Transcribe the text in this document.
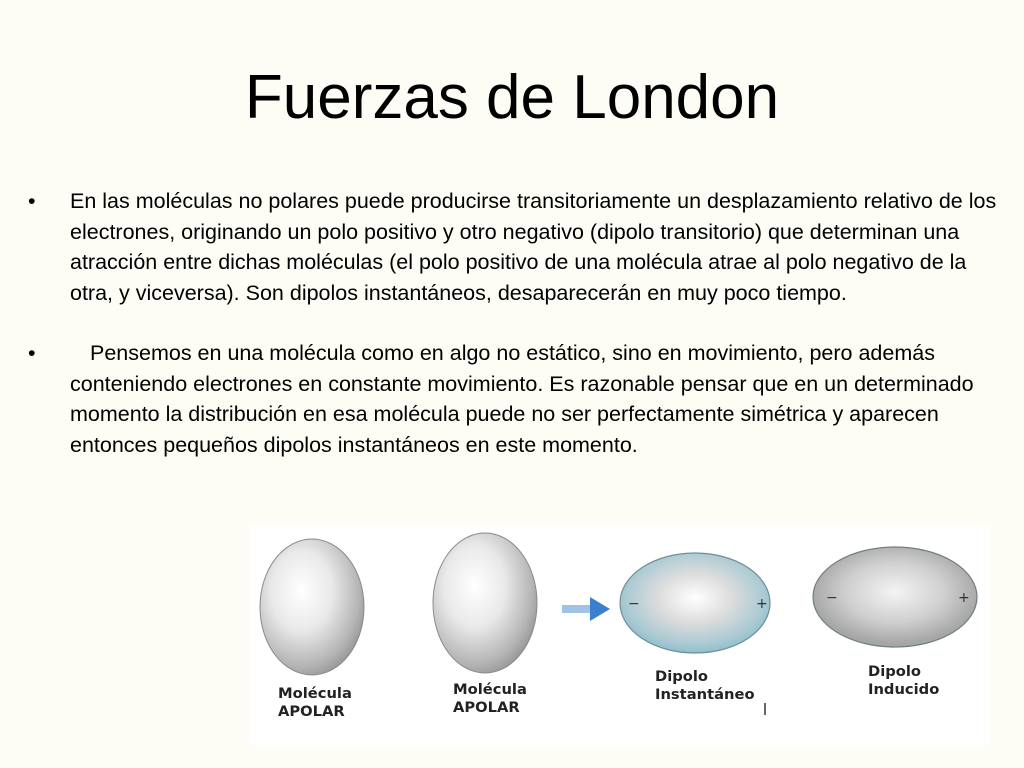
Fuerzas de London
• En las moléculas no polares puede producirse transitoriamente un desplazamiento relativo de los electrones, originando un polo positivo y otro negativo (dipolo transitorio) que determinan una atracción entre dichas moléculas (el polo positivo de una molécula atrae al polo negativo de la otra, y viceversa). Son dipolos instantáneos, desaparecerán en muy poco tiempo.
•	Pensemos en una molécula como en algo no estático, sino en movimiento, pero además conteniendo electrones en constante movimiento. Es razonable pensar que en un determinado momento la distribución en esa molécula puede no ser perfectamente simétrica y aparecen entonces pequeños dipolos instantáneos en este momento.
−	+	−	+
Molécula
APOLAR
Molécula
APOLAR
Dipolo
Instantáneo
Dipolo
Inducido
